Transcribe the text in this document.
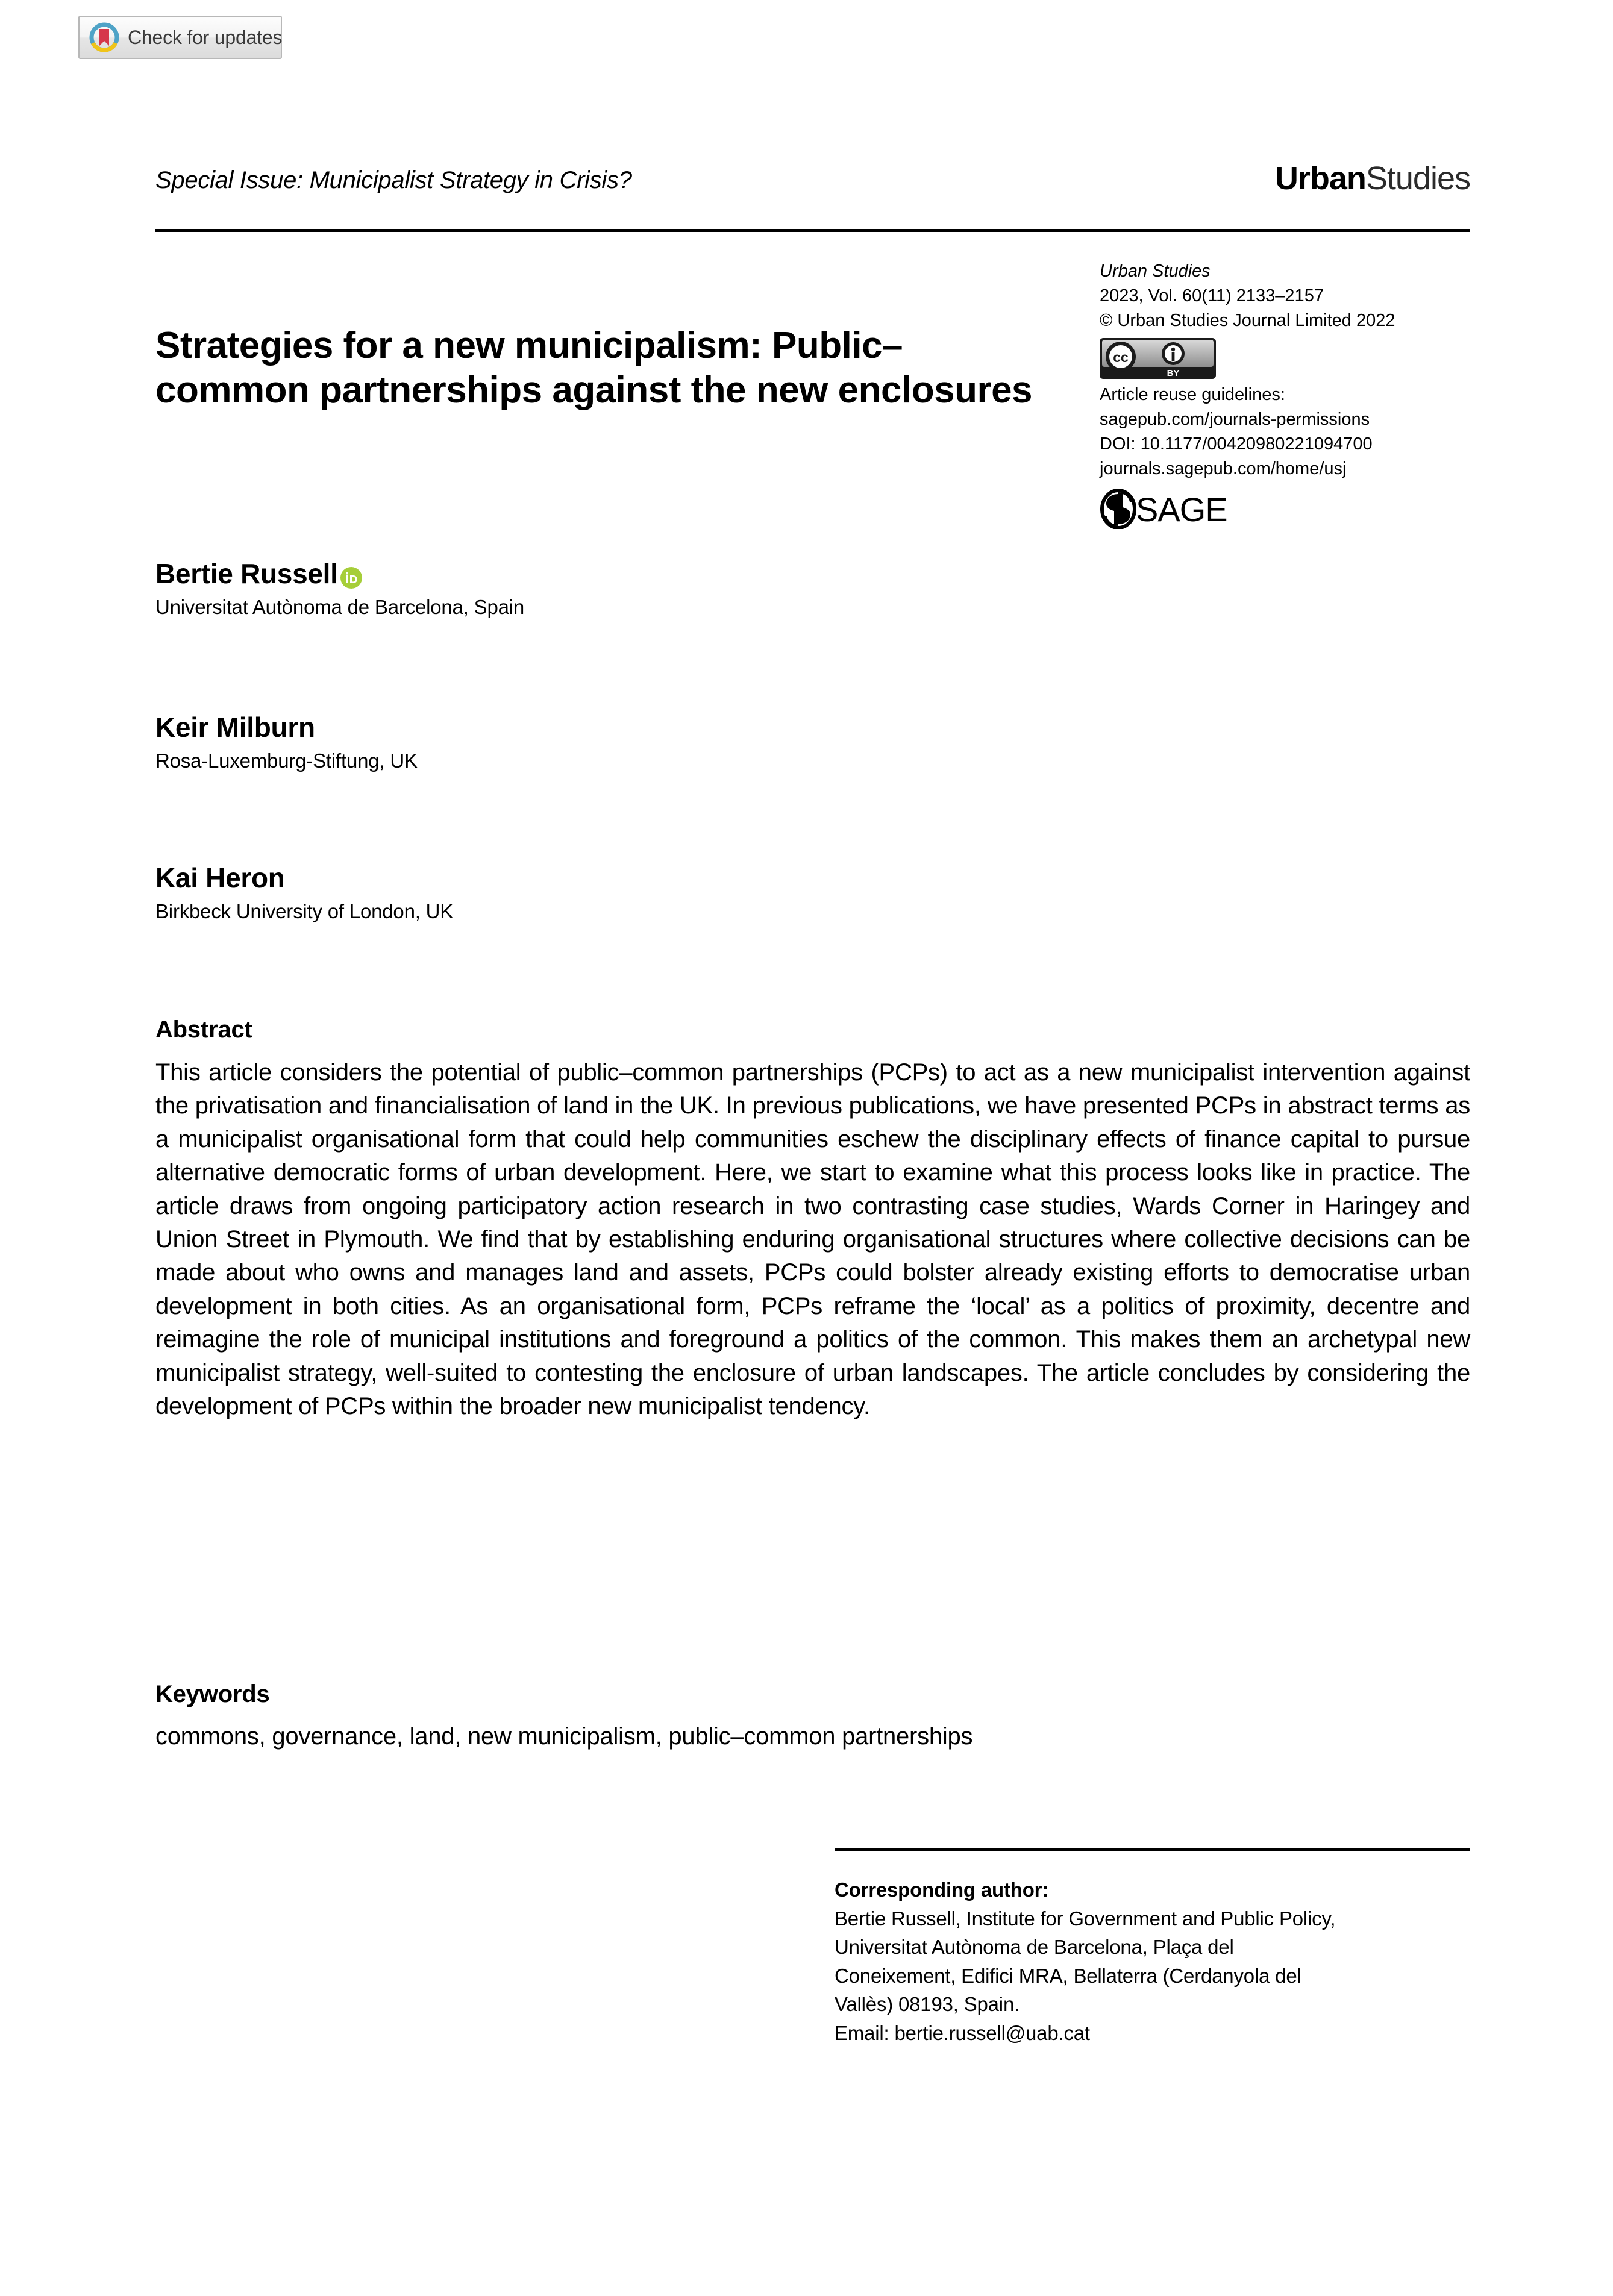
Check for updates
Special Issue: Municipalist Strategy in Crisis?	UrbanStudies
Strategies for a new municipalism: Public–common partnerships against the new enclosures
Urban Studies
2023, Vol. 60(11) 2133–2157
© Urban Studies Journal Limited 2022
cc
BY
Article reuse guidelines:
sagepub.com/journals-permissions
DOI: 10.1177/00420980221094700
journals.sagepub.com/home/usj
SAGE
Bertie Russell
Universitat Autònoma de Barcelona, Spain
Keir Milburn
Rosa-Luxemburg-Stiftung, UK
Kai Heron
Birkbeck University of London, UK
Abstract
This article considers the potential of public–common partnerships (PCPs) to act as a new municipalist intervention against the privatisation and financialisation of land in the UK. In previous publications, we have presented PCPs in abstract terms as a municipalist organisational form that could help communities eschew the disciplinary effects of finance capital to pursue alternative democratic forms of urban development. Here, we start to examine what this process looks like in practice. The article draws from ongoing participatory action research in two contrasting case studies, Wards Corner in Haringey and Union Street in Plymouth. We find that by establishing enduring organisational structures where collective decisions can be made about who owns and manages land and assets, PCPs could bolster already existing efforts to democratise urban development in both cities. As an organisational form, PCPs reframe the ‘local’ as a politics of proximity, decentre and reimagine the role of municipal institutions and foreground a politics of the common. This makes them an archetypal new municipalist strategy, well-suited to contesting the enclosure of urban landscapes. The article concludes by considering the development of PCPs within the broader new municipalist tendency.
Keywords
commons, governance, land, new municipalism, public–common partnerships
Corresponding author:
Bertie Russell, Institute for Government and Public Policy,
Universitat Autònoma de Barcelona, Plaça del
Coneixement, Edifici MRA, Bellaterra (Cerdanyola del
Vallès) 08193, Spain.
Email: bertie.russell@uab.cat
